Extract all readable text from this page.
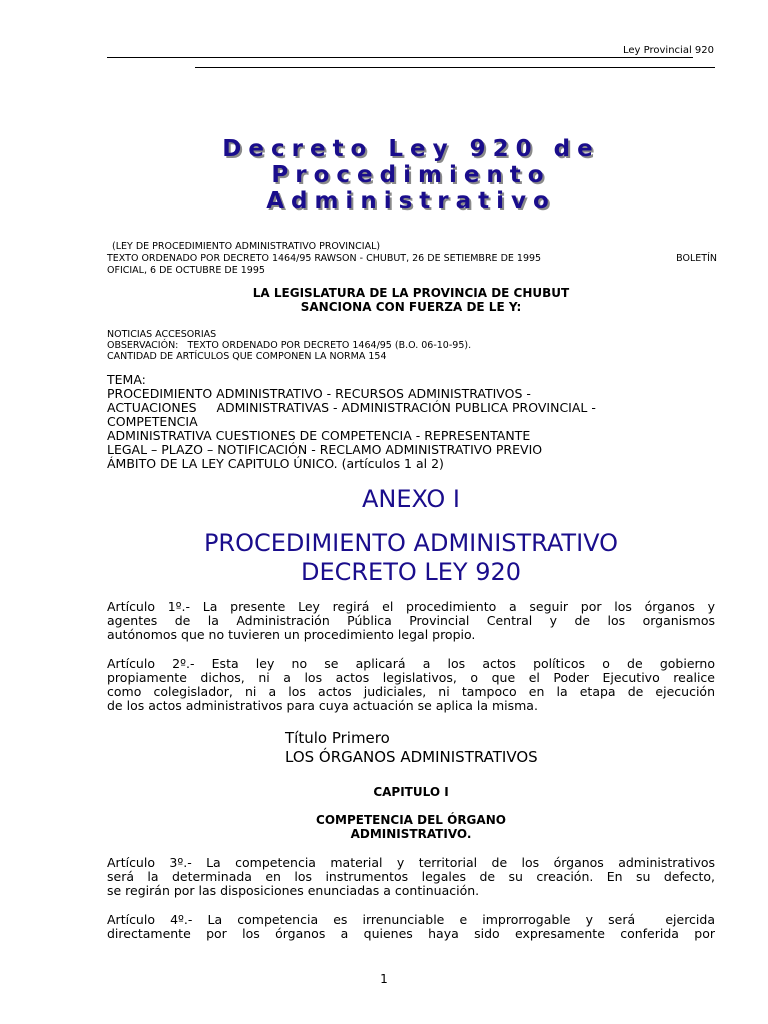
Ley Provincial 920
Decreto Ley 920 de
Procedimiento
Administrativo
(LEY DE PROCEDIMIENTO ADMINISTRATIVO PROVINCIAL)
TEXTO ORDENADO POR DECRETO 1464/95 RAWSON - CHUBUT, 26 DE SETIEMBRE DE 1995	BOLETÍN
OFICIAL, 6 DE OCTUBRE DE 1995
LA LEGISLATURA DE LA PROVINCIA DE CHUBUT
SANCIONA CON FUERZA DE LE Y:
NOTICIAS ACCESORIAS
OBSERVACIÓN:   TEXTO ORDENADO POR DECRETO 1464/95 (B.O. 06-10-95).
CANTIDAD DE ARTÍCULOS QUE COMPONEN LA NORMA 154
TEMA:
PROCEDIMIENTO ADMINISTRATIVO - RECURSOS ADMINISTRATIVOS -
ACTUACIONES     ADMINISTRATIVAS - ADMINISTRACIÓN PUBLICA PROVINCIAL -
COMPETENCIA
ADMINISTRATIVA CUESTIONES DE COMPETENCIA - REPRESENTANTE
LEGAL – PLAZO – NOTIFICACIÓN - RECLAMO ADMINISTRATIVO PREVIO
ÁMBITO DE LA LEY CAPITULO ÚNICO. (artículos 1 al 2)
ANEXO I
PROCEDIMIENTO ADMINISTRATIVO
DECRETO LEY 920
Artículo 1º.- La presente Ley regirá el procedimiento a seguir por los órganos y
agentes de la Administración Pública Provincial Central y de los organismos
autónomos que no tuvieren un procedimiento legal propio.
Artículo 2º.- Esta ley no se aplicará a los actos políticos o de gobierno
propiamente dichos, ni a los actos legislativos, o que el Poder Ejecutivo realice
como colegislador, ni a los actos judiciales, ni tampoco en la etapa de ejecución
de los actos administrativos para cuya actuación se aplica la misma.
Título Primero
LOS ÓRGANOS ADMINISTRATIVOS
CAPITULO I
COMPETENCIA DEL ÓRGANO
ADMINISTRATIVO.
Artículo 3º.- La competencia material y territorial de los órganos administrativos
será la determinada en los instrumentos legales de su creación. En su defecto,
se regirán por las disposiciones enunciadas a continuación.
Artículo 4º.- La competencia es irrenunciable e improrrogable y será  ejercida
directamente por los órganos a quienes haya sido expresamente conferida por
1
